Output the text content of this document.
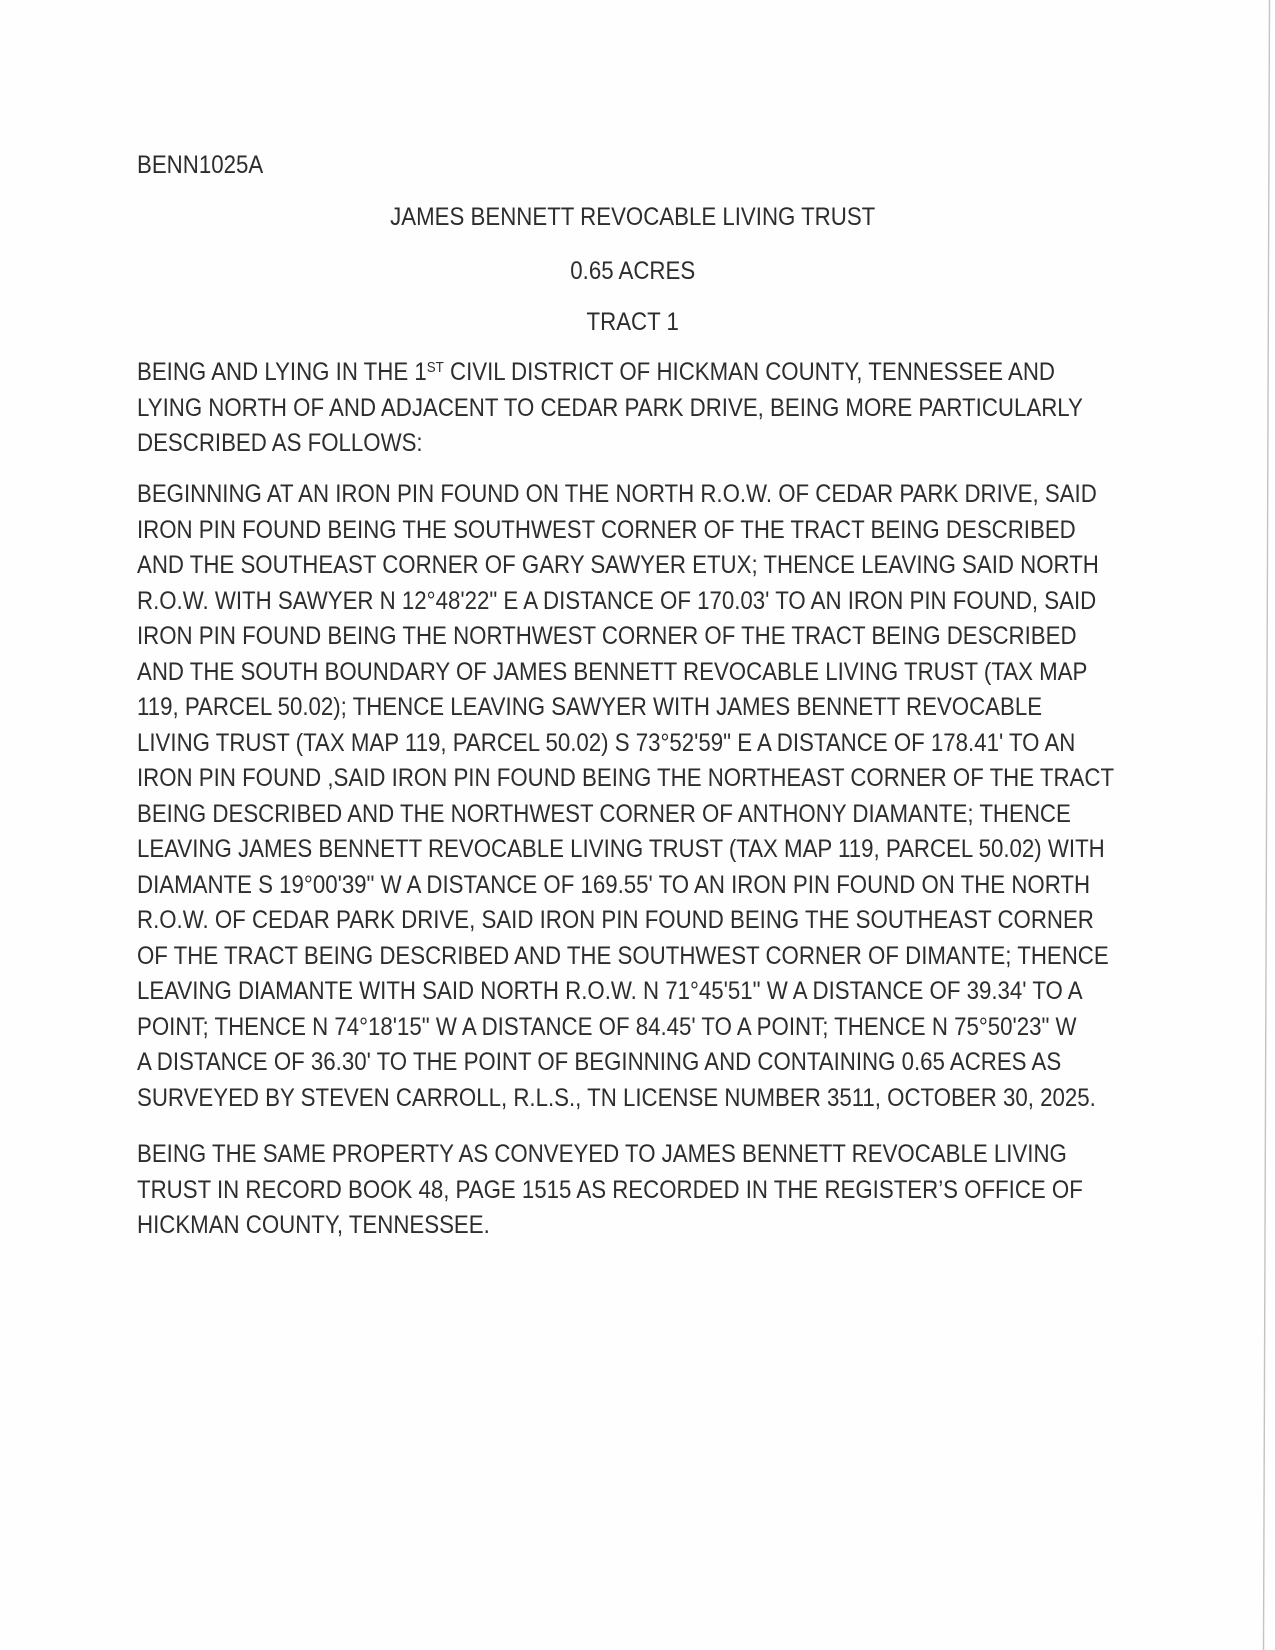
BENN1025A
JAMES BENNETT REVOCABLE LIVING TRUST
0.65 ACRES
TRACT 1
BEING AND LYING IN THE 1ST CIVIL DISTRICT OF HICKMAN COUNTY, TENNESSEE AND
LYING NORTH OF AND ADJACENT TO CEDAR PARK DRIVE, BEING MORE PARTICULARLY
DESCRIBED AS FOLLOWS:
BEGINNING AT AN IRON PIN FOUND ON THE NORTH R.O.W. OF CEDAR PARK DRIVE, SAID
IRON PIN FOUND BEING THE SOUTHWEST CORNER OF THE TRACT BEING DESCRIBED
AND THE SOUTHEAST CORNER OF GARY SAWYER ETUX; THENCE LEAVING SAID NORTH
R.O.W. WITH SAWYER N 12°48'22" E A DISTANCE OF 170.03' TO AN IRON PIN FOUND, SAID
IRON PIN FOUND BEING THE NORTHWEST CORNER OF THE TRACT BEING DESCRIBED
AND THE SOUTH BOUNDARY OF JAMES BENNETT REVOCABLE LIVING TRUST (TAX MAP
119, PARCEL 50.02); THENCE LEAVING SAWYER WITH JAMES BENNETT REVOCABLE
LIVING TRUST (TAX MAP 119, PARCEL 50.02) S 73°52'59" E A DISTANCE OF 178.41' TO AN
IRON PIN FOUND ,SAID IRON PIN FOUND BEING THE NORTHEAST CORNER OF THE TRACT
BEING DESCRIBED AND THE NORTHWEST CORNER OF ANTHONY DIAMANTE; THENCE
LEAVING JAMES BENNETT REVOCABLE LIVING TRUST (TAX MAP 119, PARCEL 50.02) WITH
DIAMANTE S 19°00'39" W A DISTANCE OF 169.55' TO AN IRON PIN FOUND ON THE NORTH
R.O.W. OF CEDAR PARK DRIVE, SAID IRON PIN FOUND BEING THE SOUTHEAST CORNER
OF THE TRACT BEING DESCRIBED AND THE SOUTHWEST CORNER OF DIMANTE; THENCE
LEAVING DIAMANTE WITH SAID NORTH R.O.W. N 71°45'51" W A DISTANCE OF 39.34' TO A
POINT; THENCE N 74°18'15" W A DISTANCE OF 84.45' TO A POINT; THENCE N 75°50'23" W
A DISTANCE OF 36.30' TO THE POINT OF BEGINNING AND CONTAINING 0.65 ACRES AS
SURVEYED BY STEVEN CARROLL, R.L.S., TN LICENSE NUMBER 3511, OCTOBER 30, 2025.
BEING THE SAME PROPERTY AS CONVEYED TO JAMES BENNETT REVOCABLE LIVING
TRUST IN RECORD BOOK 48, PAGE 1515 AS RECORDED IN THE REGISTER’S OFFICE OF
HICKMAN COUNTY, TENNESSEE.
